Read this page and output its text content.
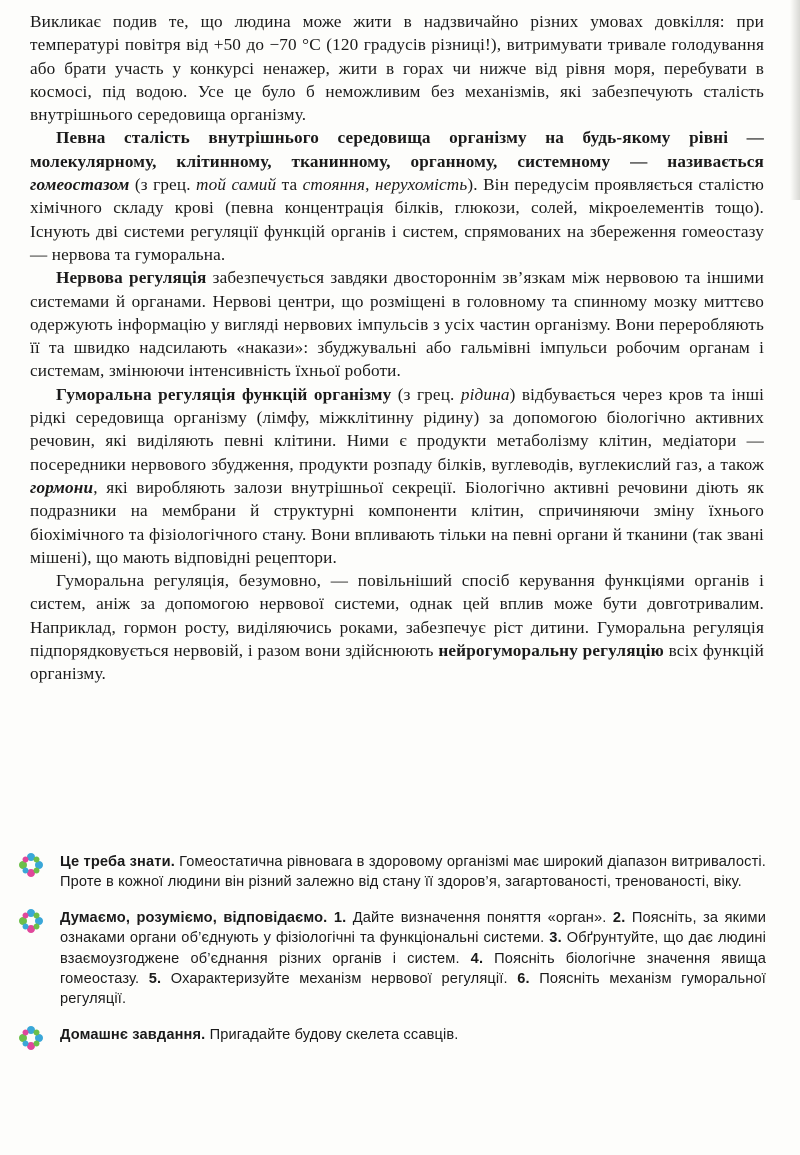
Викликає подив те, що людина може жити в надзвичайно різних умовах довкілля: при температурі повітря від +50 до −70 °С (120 градусів різниці!), витримувати тривале голодування або брати участь у конкурсі ненажер, жити в горах чи нижче від рівня моря, перебувати в космосі, під водою. Усе це було б неможливим без механізмів, які забезпечують сталість внутрішнього середовища організму.

Певна сталість внутрішнього середовища організму на будь-якому рівні — молекулярному, клітинному, тканинному, органному, системному — називається гомеостазом (з грец. той самий та стояння, нерухомість). Він передусім проявляється сталістю хімічного складу крові (певна концентрація білків, глюкози, солей, мікроелементів тощо). Існують дві системи регуляції функцій органів і систем, спрямованих на збереження гомеостазу — нервова та гуморальна.

Нервова регуляція забезпечується завдяки двостороннім зв’язкам між нервовою та іншими системами й органами. Нервові центри, що розміщені в головному та спинному мозку миттєво одержують інформацію у вигляді нервових імпульсів з усіх частин організму. Вони переробляють її та швидко надсилають «накази»: збуджувальні або гальмівні імпульси робочим органам і системам, змінюючи інтенсивність їхньої роботи.

Гуморальна регуляція функцій організму (з грец. рідина) відбувається через кров та інші рідкі середовища організму (лімфу, міжклітинну рідину) за допомогою біологічно активних речовин, які виділяють певні клітини. Ними є продукти метаболізму клітин, медіатори — посередники нервового збудження, продукти розпаду білків, вуглеводів, вуглекислий газ, а також гормони, які виробляють залози внутрішньої секреції. Біологічно активні речовини діють як подразники на мембрани й структурні компоненти клітин, спричиняючи зміну їхнього біохімічного та фізіологічного стану. Вони впливають тільки на певні органи й тканини (так звані мішені), що мають відповідні рецептори.

Гуморальна регуляція, безумовно, — повільніший спосіб керування функціями органів і систем, аніж за допомогою нервової системи, однак цей вплив може бути довготривалим. Наприклад, гормон росту, виділяючись роками, забезпечує ріст дитини. Гуморальна регуляція підпорядковується нервовій, і разом вони здійснюють нейрогуморальну регуляцію всіх функцій організму.

Це треба знати. Гомеостатична рівновага в здоровому організмі має широкий діапазон витривалості. Проте в кожної людини він різний залежно від стану її здоров’я, загартованості, тренованості, віку.
Думаємо, розуміємо, відповідаємо. 1. Дайте визначення поняття «орган». 2. Поясніть, за якими ознаками органи об’єднують у фізіологічні та функціональні системи. 3. Обґрунтуйте, що дає людині взаємоузгоджене об’єднання різних органів і систем. 4. Поясніть біологічне значення явища гомеостазу. 5. Охарактеризуйте механізм нервової регуляції. 6. Поясніть механізм гуморальної регуляції.
Домашнє завдання. Пригадайте будову скелета ссавців.
